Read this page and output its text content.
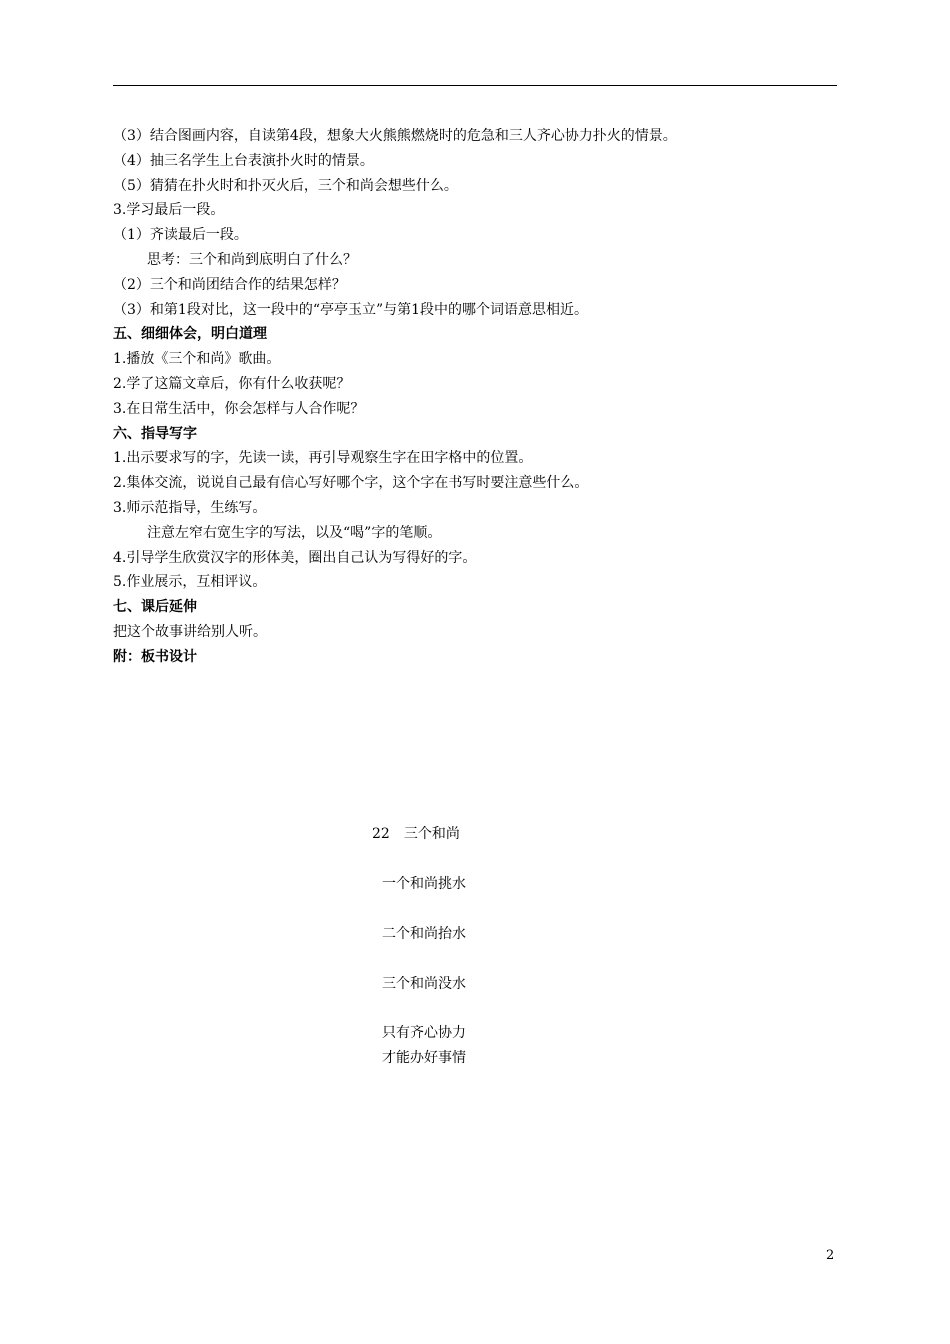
（3）结合图画内容，自读第4段，想象大火熊熊燃烧时的危急和三人齐心协力扑火的情景。
（4）抽三名学生上台表演扑火时的情景。
（5）猜猜在扑火时和扑灭火后，三个和尚会想些什么。
3.学习最后一段。
（1）齐读最后一段。
思考：三个和尚到底明白了什么？
（2）三个和尚团结合作的结果怎样？
（3）和第1段对比，这一段中的“亭亭玉立”与第1段中的哪个词语意思相近。
五、细细体会，明白道理
1.播放《三个和尚》歌曲。
2.学了这篇文章后，你有什么收获呢？
3.在日常生活中，你会怎样与人合作呢？
六、指导写字
1.出示要求写的字，先读一读，再引导观察生字在田字格中的位置。
2.集体交流，说说自己最有信心写好哪个字，这个字在书写时要注意些什么。
3.师示范指导，生练写。
注意左窄右宽生字的写法，以及“喝”字的笔顺。
4.引导学生欣赏汉字的形体美，圈出自己认为写得好的字。
5.作业展示，互相评议。
七、课后延伸
把这个故事讲给别人听。
附：板书设计
22　三个和尚
一个和尚挑水
二个和尚抬水
三个和尚没水
只有齐心协力
才能办好事情
2
